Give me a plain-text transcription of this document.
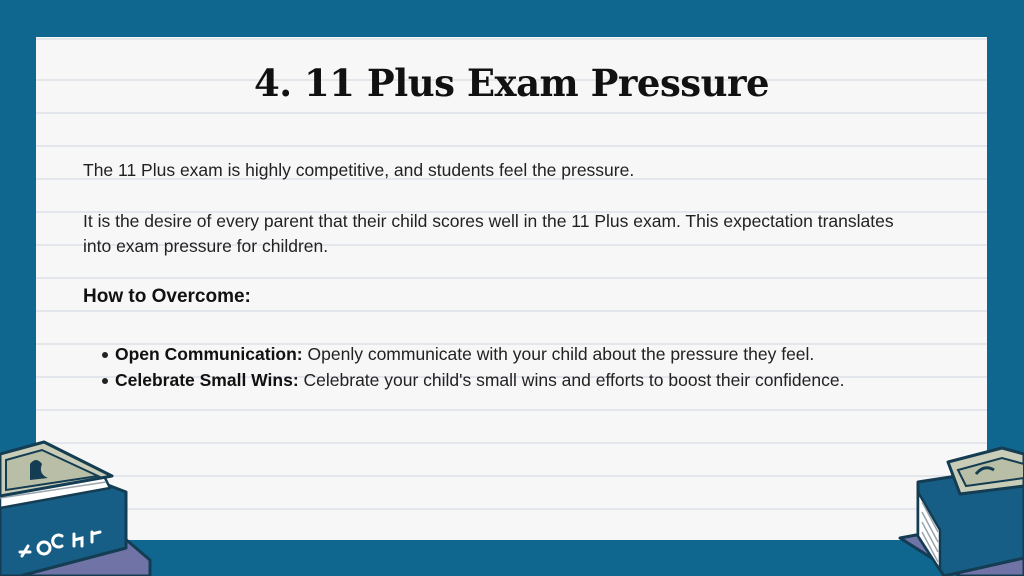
4. 11 Plus Exam Pressure

The 11 Plus exam is highly competitive, and students feel the pressure.

It is the desire of every parent that their child scores well in the 11 Plus exam. This expectation translates into exam pressure for children.

How to Overcome:

Open Communication: Openly communicate with your child about the pressure they feel.
Celebrate Small Wins: Celebrate your child's small wins and efforts to boost their confidence.
